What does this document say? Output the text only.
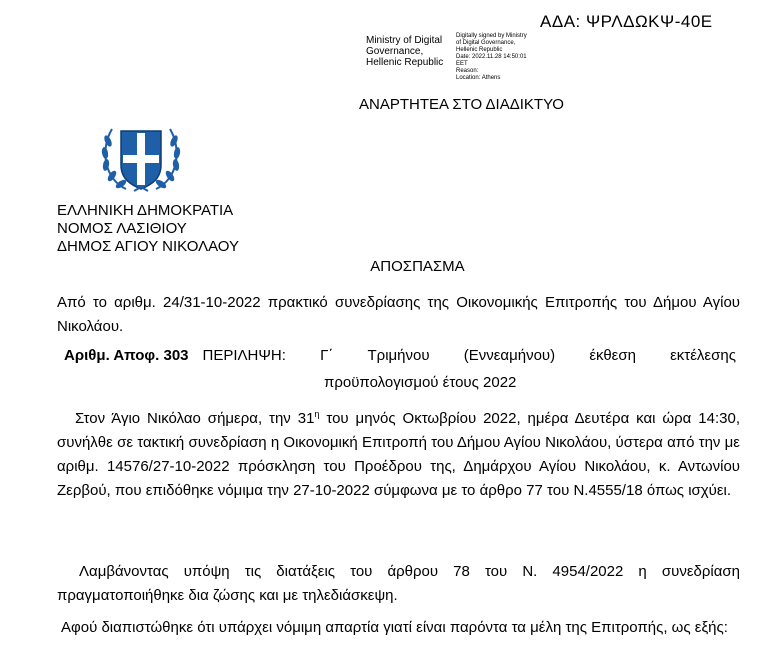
ΑΔΑ: ΨΡΛΔΩΚΨ-40Ε
Ministry of Digital
Governance,
Hellenic Republic
Digitally signed by Ministry
of Digital Governance,
Hellenic Republic
Date: 2022.11.28 14:50:01
EET
Reason:
Location: Athens
ΑΝΑΡΤΗΤΕΑ ΣΤΟ ΔΙΑΔΙΚΤΥΟ
ΕΛΛΗΝΙΚΗ ΔΗΜΟΚΡΑΤΙΑ
ΝΟΜΟΣ ΛΑΣΙΘΙΟΥ
ΔΗΜΟΣ ΑΓΙΟΥ ΝΙΚΟΛΑΟΥ
ΑΠΟΣΠΑΣΜΑ
Από το αριθμ. 24/31-10-2022 πρακτικό συνεδρίασης της Οικονομικής Επιτροπής του Δήμου Αγίου Νικολάου.
Αριθμ. Αποφ. 303 ΠΕΡΙΛΗΨΗ: Γ΄ Τριμήνου (Εννεαμήνου) έκθεση εκτέλεσης
προϋπολογισμού έτους 2022
Στον Άγιο Νικόλαο σήμερα, την $31^\eta$ του μηνός Οκτωβρίου 2022, ημέρα Δευτέρα και ώρα 14:30, συνήλθε σε τακτική συνεδρίαση η Οικονομική Επιτροπή του Δήμου Αγίου Νικολάου, ύστερα από την με αριθμ. 14576/27-10-2022 πρόσκληση του Προέδρου της, Δημάρχου Αγίου Νικολάου, κ. Αντωνίου Ζερβού, που επιδόθηκε νόμιμα την 27-10-2022 σύμφωνα με το άρθρο 77 του Ν.4555/18 όπως ισχύει.
Λαμβάνοντας υπόψη τις διατάξεις του άρθρου 78 του Ν. 4954/2022 η συνεδρίαση πραγματοποιήθηκε δια ζώσης και με τηλεδιάσκεψη.
Αφού διαπιστώθηκε ότι υπάρχει νόμιμη απαρτία γιατί είναι παρόντα τα μέλη της Επιτροπής, ως εξής:
